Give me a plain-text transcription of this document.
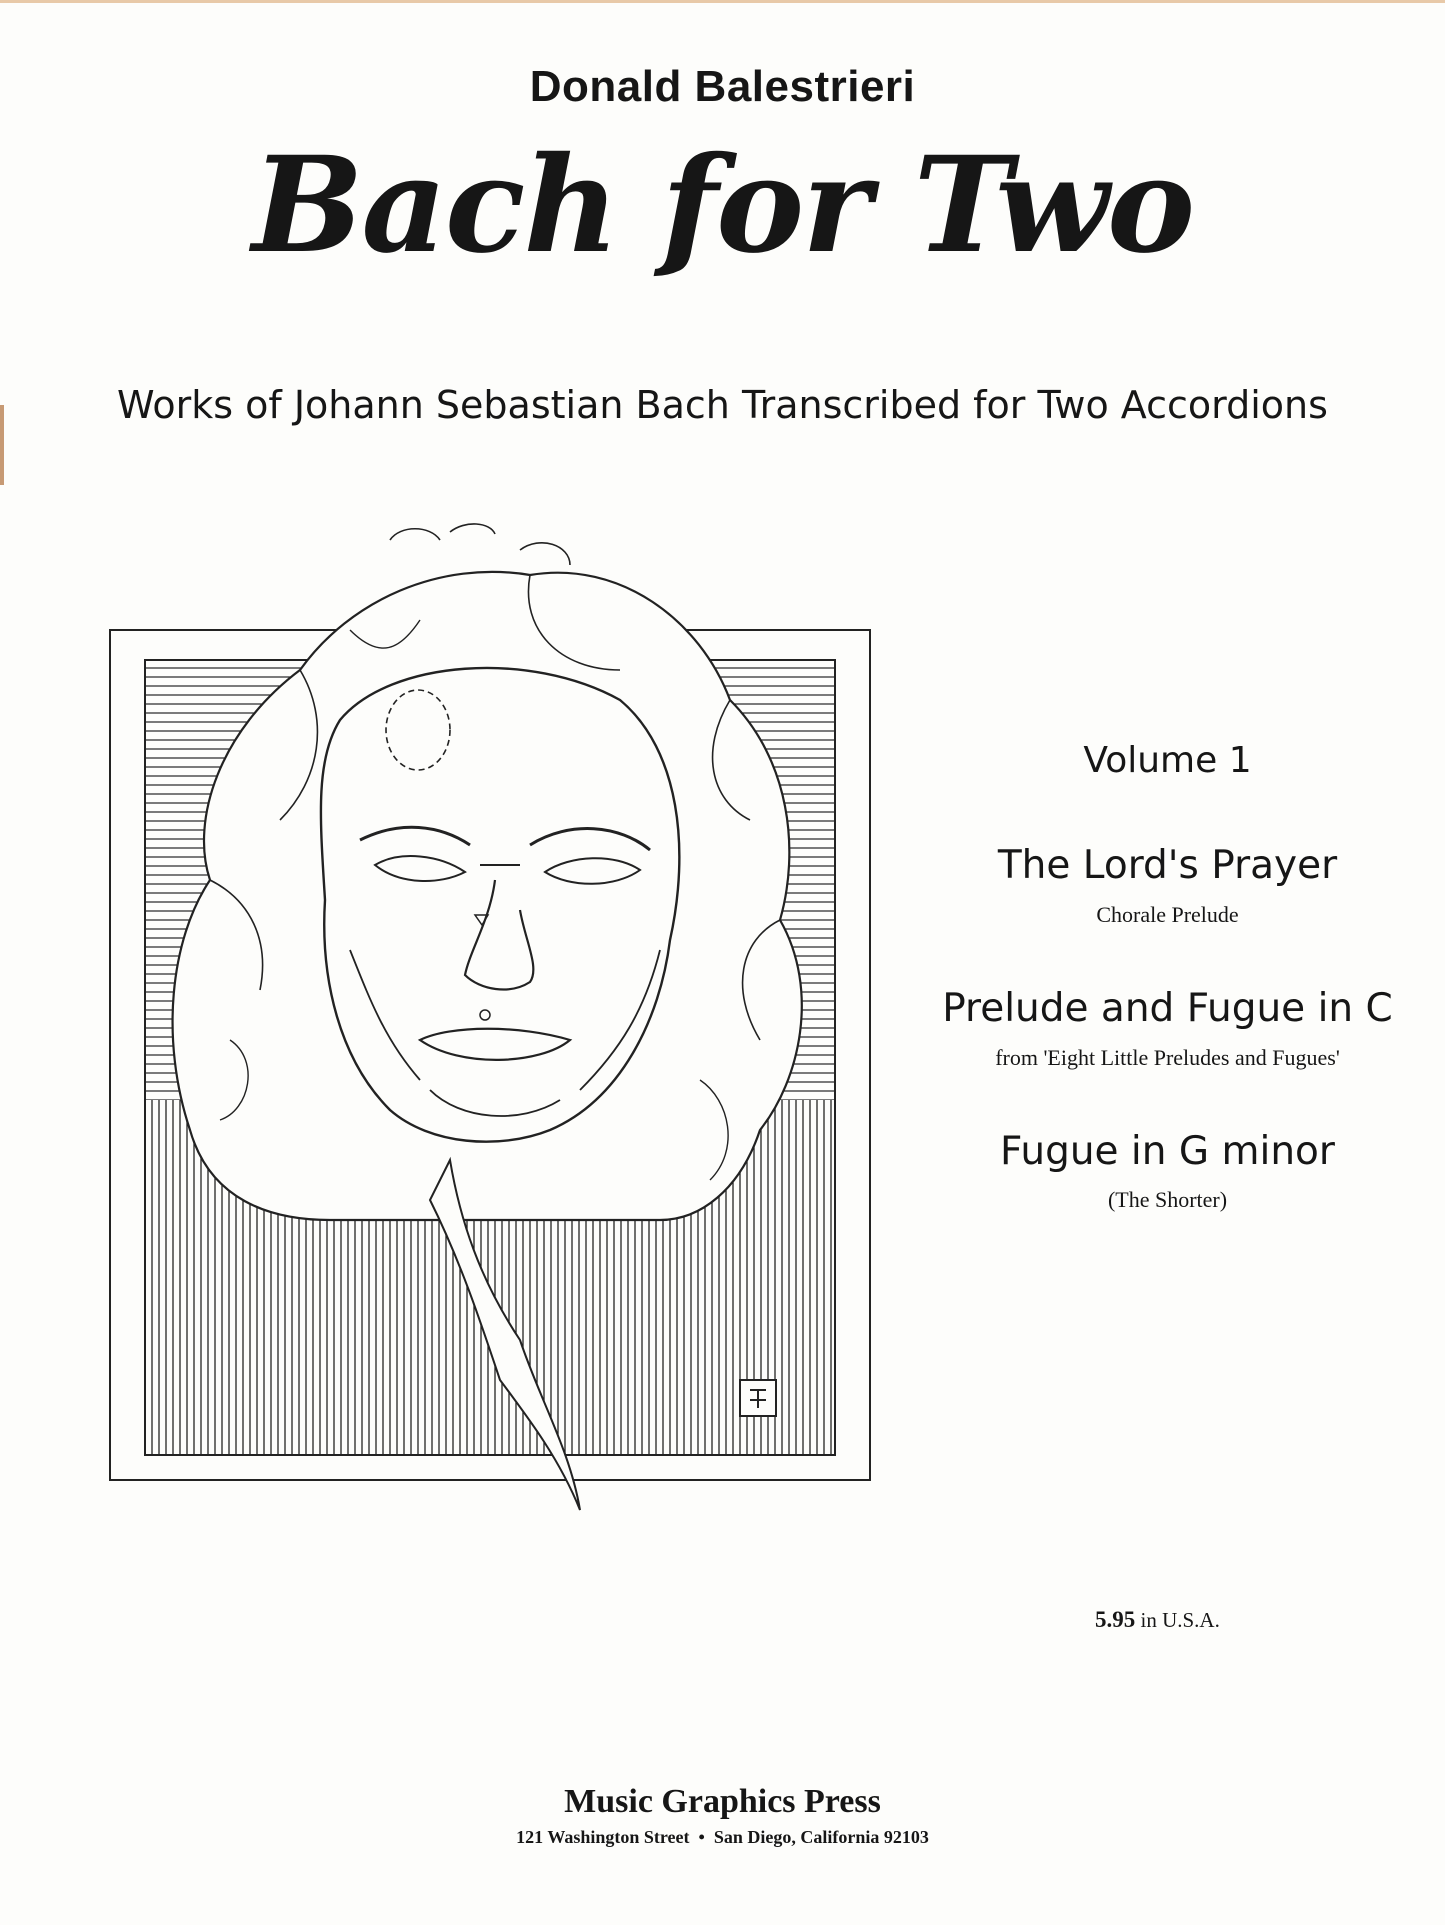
Donald Balestrieri
Bach for Two
Works of Johann Sebastian Bach Transcribed for Two Accordions
Volume 1
The Lord's Prayer
Chorale Prelude
Prelude and Fugue in C
from 'Eight Little Preludes and Fugues'
Fugue in G minor
(The Shorter)
5.95 in U.S.A.
Music Graphics Press
121 Washington Street • San Diego, California 92103
